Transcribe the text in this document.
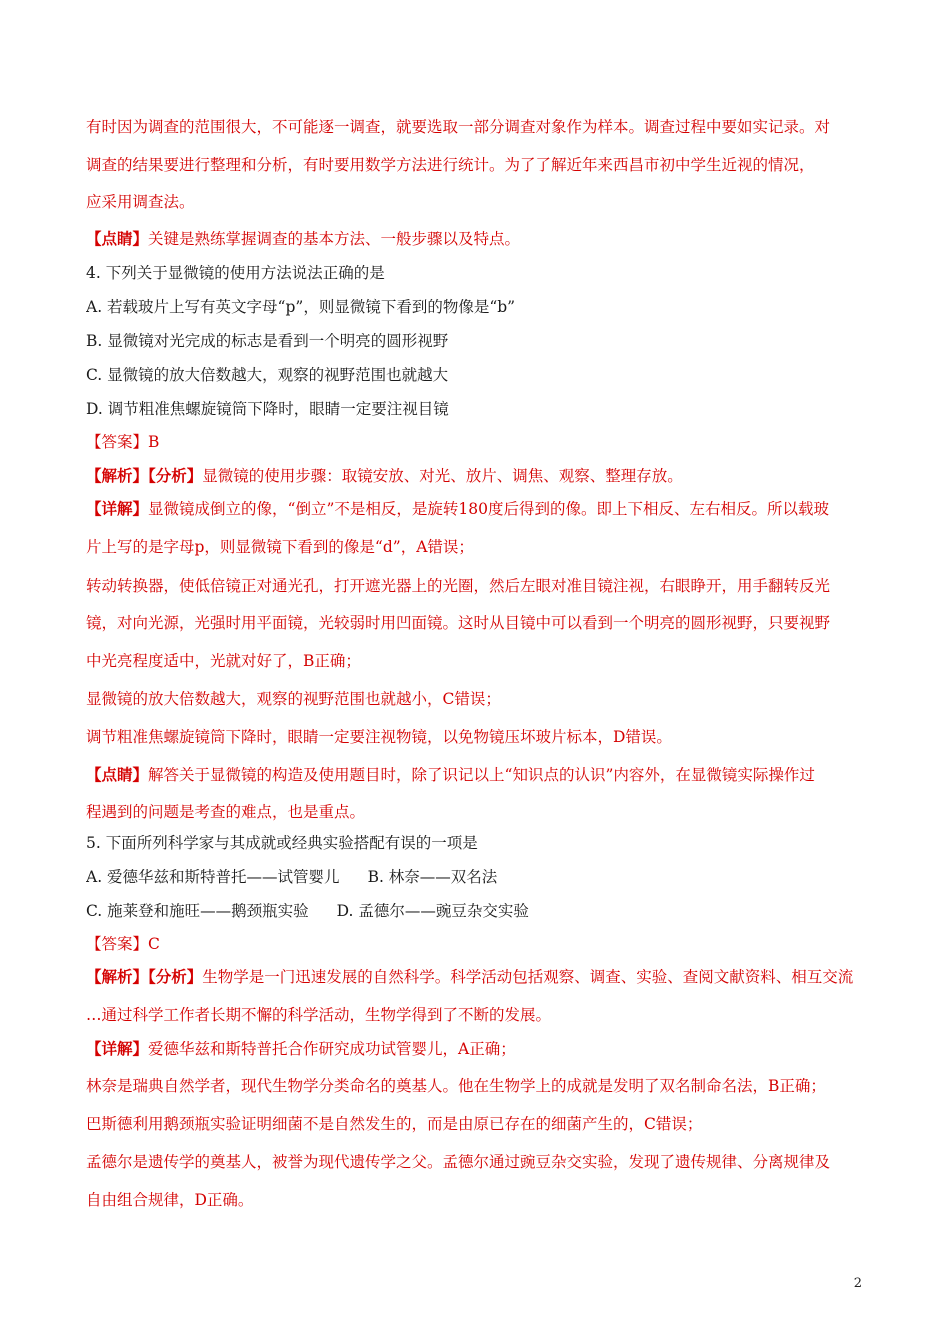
有时因为调查的范围很大，不可能逐一调查，就要选取一部分调查对象作为样本。调查过程中要如实记录。对
调查的结果要进行整理和分析，有时要用数学方法进行统计。为了了解近年来西昌市初中学生近视的情况，
应采用调查法。
【点睛】关键是熟练掌握调查的基本方法、一般步骤以及特点。
4. 下列关于显微镜的使用方法说法正确的是
A. 若载玻片上写有英文字母“p”，则显微镜下看到的物像是“b”
B. 显微镜对光完成的标志是看到一个明亮的圆形视野
C. 显微镜的放大倍数越大，观察的视野范围也就越大
D. 调节粗准焦螺旋镜筒下降时，眼睛一定要注视目镜
【答案】B
【解析】【分析】显微镜的使用步骤：取镜安放、对光、放片、调焦、观察、整理存放。
【详解】显微镜成倒立的像，“倒立”不是相反，是旋转180度后得到的像。即上下相反、左右相反。所以载玻
片上写的是字母p，则显微镜下看到的像是“d”，A错误；
转动转换器，使低倍镜正对通光孔，打开遮光器上的光圈，然后左眼对准目镜注视，右眼睁开，用手翻转反光
镜，对向光源，光强时用平面镜，光较弱时用凹面镜。这时从目镜中可以看到一个明亮的圆形视野，只要视野
中光亮程度适中，光就对好了，B正确；
显微镜的放大倍数越大，观察的视野范围也就越小，C错误；
调节粗准焦螺旋镜筒下降时，眼睛一定要注视物镜，以免物镜压坏玻片标本，D错误。
【点睛】解答关于显微镜的构造及使用题目时，除了识记以上“知识点的认识”内容外，在显微镜实际操作过
程遇到的问题是考查的难点，也是重点。
5. 下面所列科学家与其成就或经典实验搭配有误的一项是
A. 爱德华兹和斯特普托——试管婴儿 B. 林奈——双名法
C. 施莱登和施旺——鹅颈瓶实验 D. 孟德尔——豌豆杂交实验
【答案】C
【解析】【分析】生物学是一门迅速发展的自然科学。科学活动包括观察、调查、实验、查阅文献资料、相互交流
…通过科学工作者长期不懈的科学活动，生物学得到了不断的发展。
【详解】爱德华兹和斯特普托合作研究成功试管婴儿，A正确；
林奈是瑞典自然学者，现代生物学分类命名的奠基人。他在生物学上的成就是发明了双名制命名法，B正确；
巴斯德利用鹅颈瓶实验证明细菌不是自然发生的，而是由原已存在的细菌产生的，C错误；
孟德尔是遗传学的奠基人，被誉为现代遗传学之父。孟德尔通过豌豆杂交实验，发现了遗传规律、分离规律及
自由组合规律，D正确。
2
